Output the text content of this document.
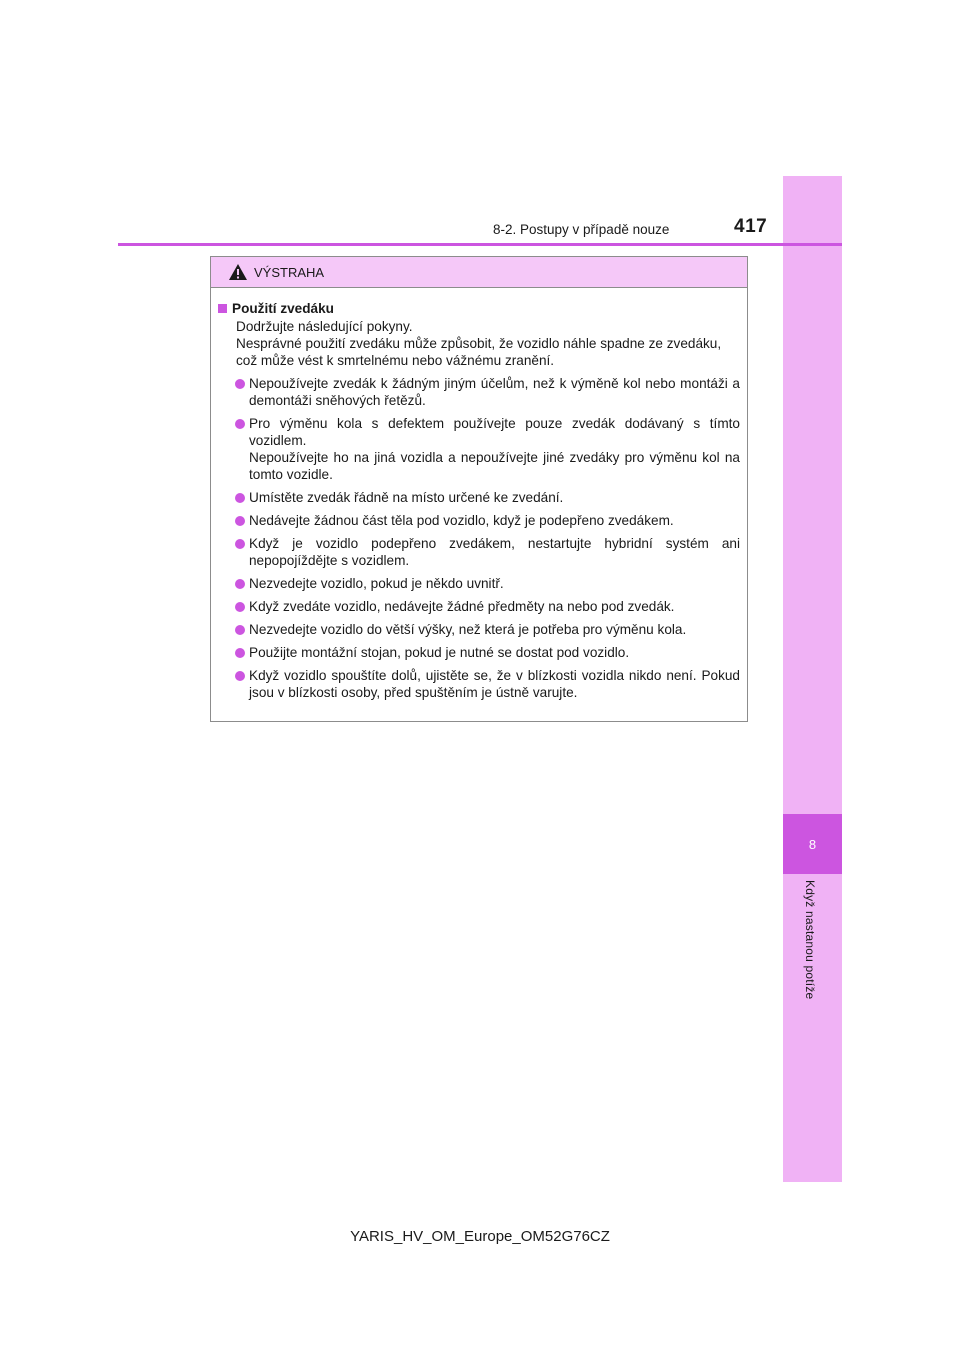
8
Když nastanou potíže
8-2. Postupy v případě nouze	417
VÝSTRAHA
Použití zvedáku
Dodržujte následující pokyny.
Nesprávné použití zvedáku může způsobit, že vozidlo náhle spadne ze zvedáku, což může vést k smrtelnému nebo vážnému zranění.

Nepoužívejte zvedák k žádným jiným účelům, než k výměně kol nebo montáži a demontáži sněhových řetězů.

Pro výměnu kola s defektem používejte pouze zvedák dodávaný s tímto vozidlem.

Nepoužívejte ho na jiná vozidla a nepoužívejte jiné zvedáky pro výměnu kol na tomto vozidle.

Umístěte zvedák řádně na místo určené ke zvedání.

Nedávejte žádnou část těla pod vozidlo, když je podepřeno zvedákem.

Když je vozidlo podepřeno zvedákem, nestartujte hybridní systém ani nepopojíždějte s vozidlem.

Nezvedejte vozidlo, pokud je někdo uvnitř.

Když zvedáte vozidlo, nedávejte žádné předměty na nebo pod zvedák.

Nezvedejte vozidlo do větší výšky, než která je potřeba pro výměnu kola.

Použijte montážní stojan, pokud je nutné se dostat pod vozidlo.

Když vozidlo spouštíte dolů, ujistěte se, že v blízkosti vozidla nikdo není. Pokud jsou v blízkosti osoby, před spuštěním je ústně varujte.

YARIS_HV_OM_Europe_OM52G76CZ
